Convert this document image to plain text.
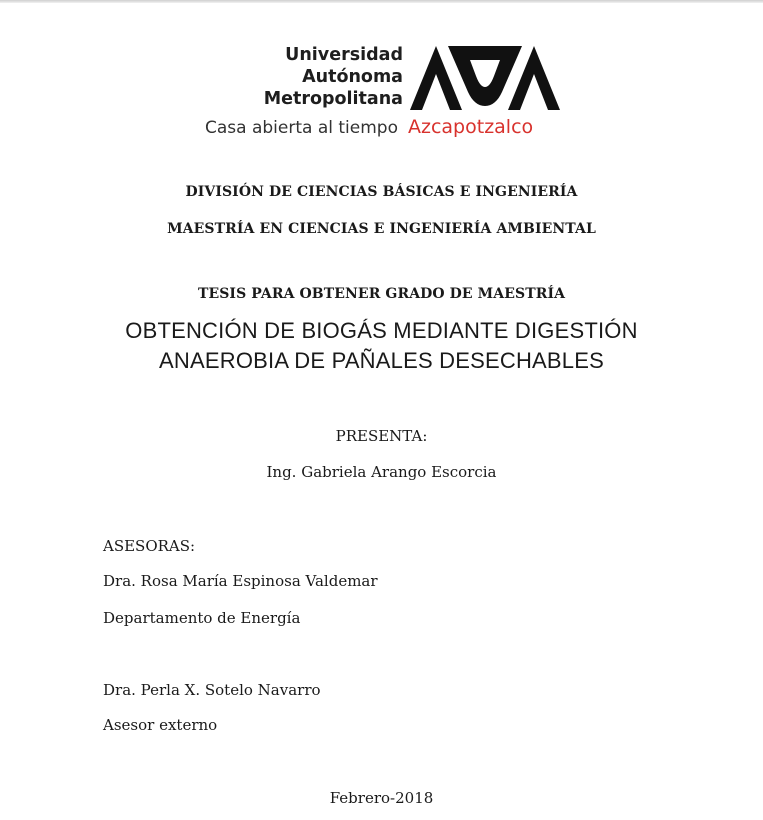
Universidad
Autónoma
Metropolitana
Casa abierta al tiempo Azcapotzalco
DIVISIÓN DE CIENCIAS BÁSICAS E INGENIERÍA
MAESTRÍA EN CIENCIAS E INGENIERÍA AMBIENTAL
TESIS PARA OBTENER GRADO DE MAESTRÍA
OBTENCIÓN DE BIOGÁS MEDIANTE DIGESTIÓN
ANAEROBIA DE PAÑALES DESECHABLES
PRESENTA:
Ing. Gabriela Arango Escorcia
ASESORAS:
Dra. Rosa María Espinosa Valdemar
Departamento de Energía
Dra. Perla X. Sotelo Navarro
Asesor externo
Febrero-2018
